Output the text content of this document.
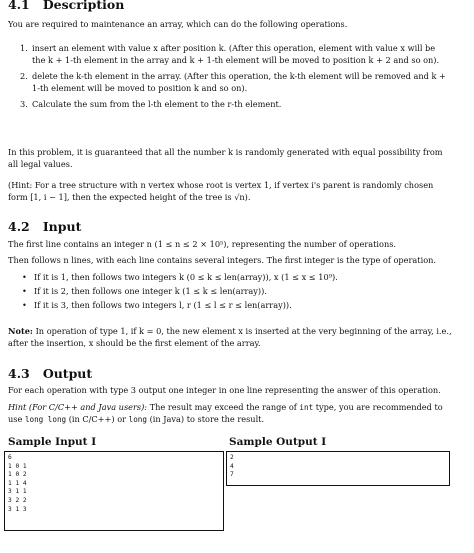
4.1 Description
You are required to maintenance an array, which can do the following operations.
1. insert an element with value x after position k. (After this operation, element with value x will be the k + 1-th element in the array and k + 1-th element will be moved to position k + 2 and so on).
2. delete the k-th element in the array. (After this operation, the k-th element will be removed and k + 1-th element will be moved to position k and so on).
3. Calculate the sum from the l-th element to the r-th element.
In this problem, it is guaranteed that all the number k is randomly generated with equal possibility from all legal values.
(Hint: For a tree structure with n vertex whose root is vertex 1, if vertex i's parent is randomly chosen form [1, i − 1], then the expected height of the tree is √n).
4.2 Input
The first line contains an integer n (1 ≤ n ≤ 2 × 10⁵), representing the number of operations.
Then follows n lines, with each line contains several integers. The first integer is the type of operation.
• If it is 1, then follows two integers k (0 ≤ k ≤ len(array)), x (1 ≤ x ≤ 10⁹).
• If it is 2, then follows one integer k (1 ≤ k ≤ len(array)).
• If it is 3, then follows two integers l, r (1 ≤ l ≤ r ≤ len(array)).
Note: In operation of type 1, if k = 0, the new element x is inserted at the very beginning of the array, i.e., after the insertion, x should be the first element of the array.
4.3 Output
For each operation with type 3 output one integer in one line representing the answer of this operation.
Hint (For C/C++ and Java users): The result may exceed the range of int type, you are recommended to use long long (in C/C++) or long (in Java) to store the result.
Sample Input I	Sample Output I
6
1 0 1
1 0 2
1 1 4
3 1 1
3 2 2
3 1 3
2
4
7
